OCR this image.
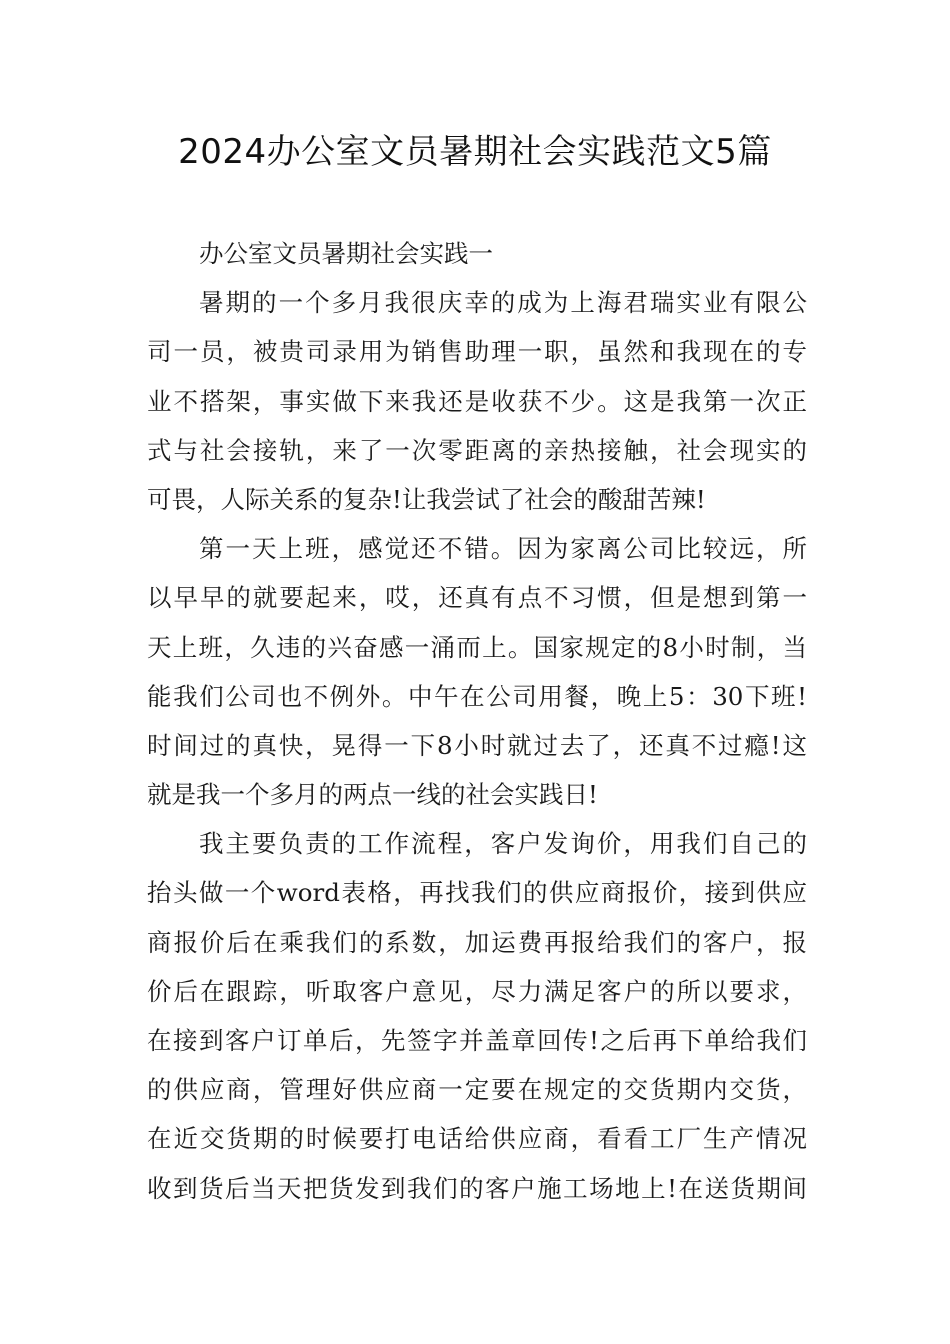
2024办公室文员暑期社会实践范文5篇
办公室文员暑期社会实践一
暑期的一个多月我很庆幸的成为上海君瑞实业有限公
司一员，被贵司录用为销售助理一职，虽然和我现在的专
业不搭架，事实做下来我还是收获不少。这是我第一次正
式与社会接轨，来了一次零距离的亲热接触，社会现实的
可畏，人际关系的复杂!让我尝试了社会的酸甜苦辣!
第一天上班，感觉还不错。因为家离公司比较远，所
以早早的就要起来，哎，还真有点不习惯，但是想到第一
天上班，久违的兴奋感一涌而上。国家规定的8小时制，当
能我们公司也不例外。中午在公司用餐，晚上5：30下班!
时间过的真快，晃得一下8小时就过去了，还真不过瘾!这
就是我一个多月的两点一线的社会实践日!
我主要负责的工作流程，客户发询价，用我们自己的
抬头做一个word表格，再找我们的供应商报价，接到供应
商报价后在乘我们的系数，加运费再报给我们的客户，报
价后在跟踪，听取客户意见，尽力满足客户的所以要求，
在接到客户订单后，先签字并盖章回传!之后再下单给我们
的供应商，管理好供应商一定要在规定的交货期内交货，
在近交货期的时候要打电话给供应商，看看工厂生产情况
收到货后当天把货发到我们的客户施工场地上!在送货期间
